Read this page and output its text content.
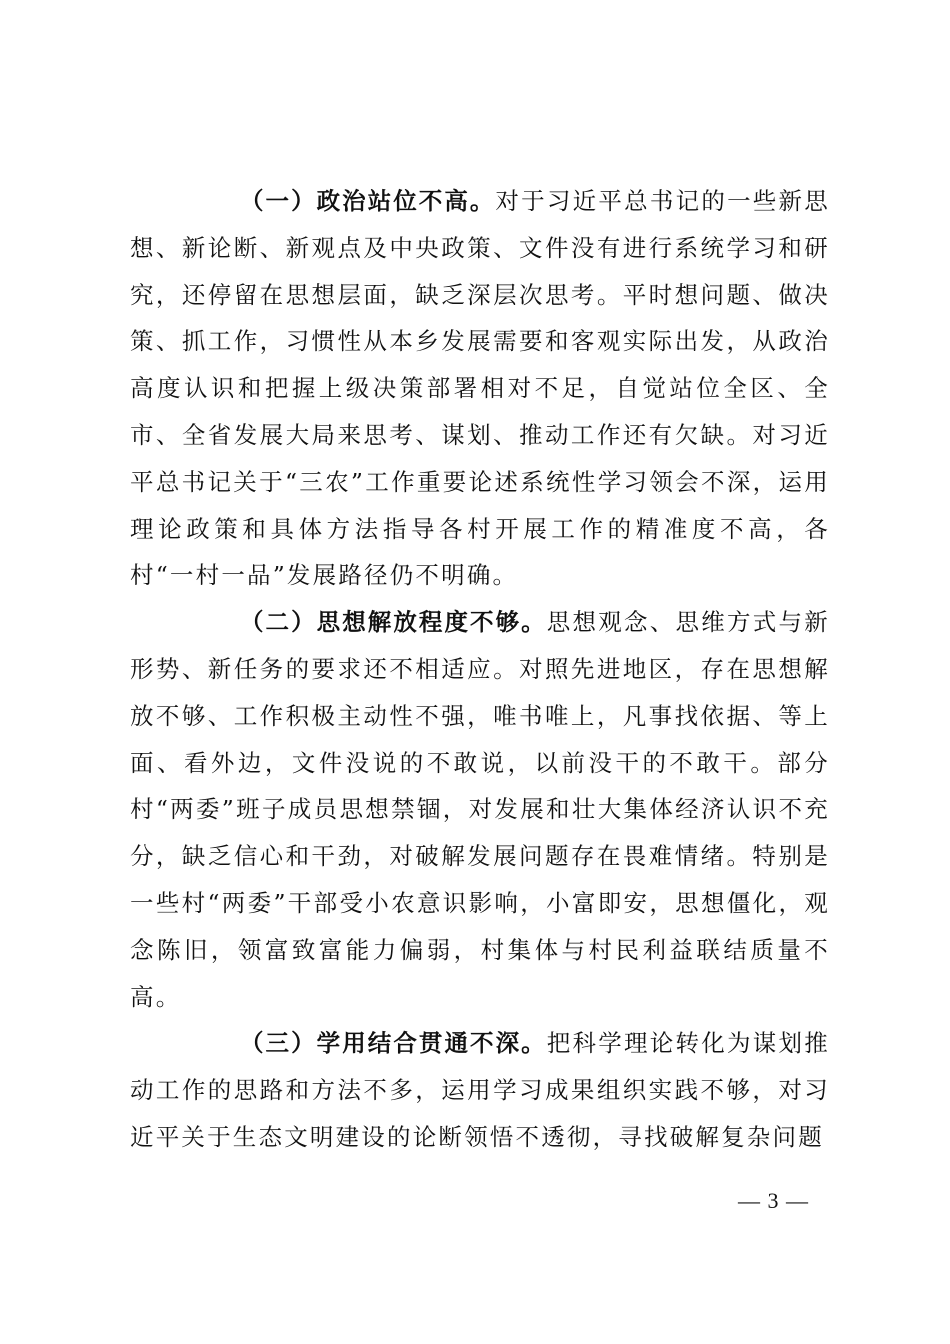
（一）政治站位不高。对于习近平总书记的一些新思想、新论断、新观点及中央政策、文件没有进行系统学习和研究，还停留在思想层面，缺乏深层次思考。平时想问题、做决策、抓工作，习惯性从本乡发展需要和客观实际出发，从政治高度认识和把握上级决策部署相对不足，自觉站位全区、全市、全省发展大局来思考、谋划、推动工作还有欠缺。对习近平总书记关于“三农”工作重要论述系统性学习领会不深，运用理论政策和具体方法指导各村开展工作的精准度不高，各村“一村一品”发展路径仍不明确。

（二）思想解放程度不够。思想观念、思维方式与新形势、新任务的要求还不相适应。对照先进地区，存在思想解放不够、工作积极主动性不强，唯书唯上，凡事找依据、等上面、看外边，文件没说的不敢说，以前没干的不敢干。部分村“两委”班子成员思想禁锢，对发展和壮大集体经济认识不充分，缺乏信心和干劲，对破解发展问题存在畏难情绪。特别是一些村“两委”干部受小农意识影响，小富即安，思想僵化，观念陈旧，领富致富能力偏弱，村集体与村民利益联结质量不高。

（三）学用结合贯通不深。把科学理论转化为谋划推动工作的思路和方法不多，运用学习成果组织实践不够，对习近平关于生态文明建设的论断领悟不透彻，寻找破解复杂问题

— 3 —
